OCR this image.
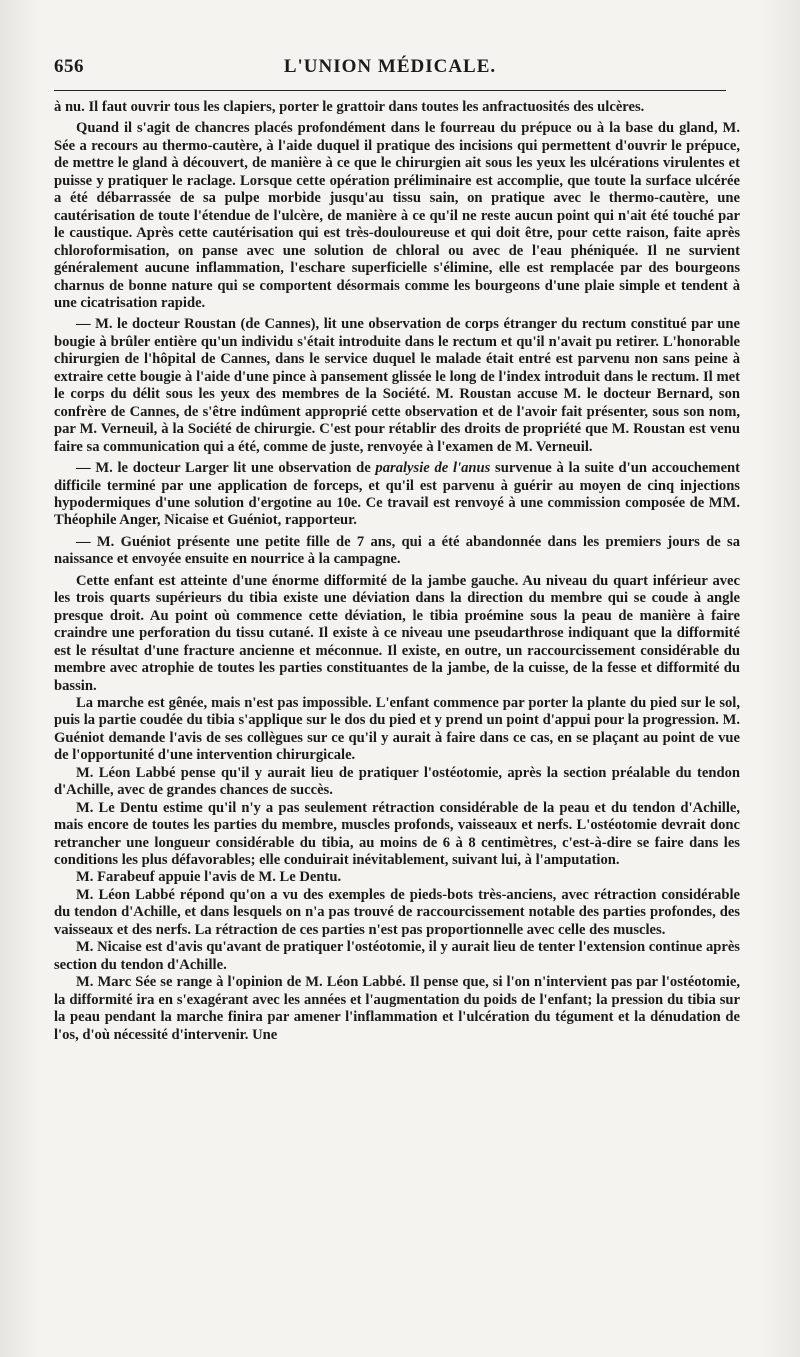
656	L'UNION MÉDICALE.

à nu. Il faut ouvrir tous les clapiers, porter le grattoir dans toutes les anfractuosités des ulcères.

Quand il s'agit de chancres placés profondément dans le fourreau du prépuce ou à la base du gland, M. Sée a recours au thermo-cautère, à l'aide duquel il pratique des incisions qui permettent d'ouvrir le prépuce, de mettre le gland à découvert, de manière à ce que le chirurgien ait sous les yeux les ulcérations virulentes et puisse y pratiquer le raclage. Lorsque cette opération préliminaire est accomplie, que toute la surface ulcérée a été débarrassée de sa pulpe morbide jusqu'au tissu sain, on pratique avec le thermo-cautère, une cautérisation de toute l'étendue de l'ulcère, de manière à ce qu'il ne reste aucun point qui n'ait été touché par le caustique. Après cette cautérisation qui est très-douloureuse et qui doit être, pour cette raison, faite après chloroformisation, on panse avec une solution de chloral ou avec de l'eau phéniquée. Il ne survient généralement aucune inflammation, l'eschare superficielle s'élimine, elle est remplacée par des bourgeons charnus de bonne nature qui se comportent désormais comme les bourgeons d'une plaie simple et tendent à une cicatrisation rapide.

— M. le docteur Roustan (de Cannes), lit une observation de corps étranger du rectum constitué par une bougie à brûler entière qu'un individu s'était introduite dans le rectum et qu'il n'avait pu retirer. L'honorable chirurgien de l'hôpital de Cannes, dans le service duquel le malade était entré est parvenu non sans peine à extraire cette bougie à l'aide d'une pince à pansement glissée le long de l'index introduit dans le rectum. Il met le corps du délit sous les yeux des membres de la Société. M. Roustan accuse M. le docteur Bernard, son confrère de Cannes, de s'être indûment approprié cette observation et de l'avoir fait présenter, sous son nom, par M. Verneuil, à la Société de chirurgie. C'est pour rétablir des droits de propriété que M. Roustan est venu faire sa communication qui a été, comme de juste, renvoyée à l'examen de M. Verneuil.

— M. le docteur Larger lit une observation de paralysie de l'anus survenue à la suite d'un accouchement difficile terminé par une application de forceps, et qu'il est parvenu à guérir au moyen de cinq injections hypodermiques d'une solution d'ergotine au 10e. Ce travail est renvoyé à une commission composée de MM. Théophile Anger, Nicaise et Guéniot, rapporteur.

— M. Guéniot présente une petite fille de 7 ans, qui a été abandonnée dans les premiers jours de sa naissance et envoyée ensuite en nourrice à la campagne.

Cette enfant est atteinte d'une énorme difformité de la jambe gauche. Au niveau du quart inférieur avec les trois quarts supérieurs du tibia existe une déviation dans la direction du membre qui se coude à angle presque droit. Au point où commence cette déviation, le tibia proémine sous la peau de manière à faire craindre une perforation du tissu cutané. Il existe à ce niveau une pseudarthrose indiquant que la difformité est le résultat d'une fracture ancienne et méconnue. Il existe, en outre, un raccourcissement considérable du membre avec atrophie de toutes les parties constituantes de la jambe, de la cuisse, de la fesse et difformité du bassin.

La marche est gênée, mais n'est pas impossible. L'enfant commence par porter la plante du pied sur le sol, puis la partie coudée du tibia s'applique sur le dos du pied et y prend un point d'appui pour la progression. M. Guéniot demande l'avis de ses collègues sur ce qu'il y aurait à faire dans ce cas, en se plaçant au point de vue de l'opportunité d'une intervention chirurgicale.

M. Léon Labbé pense qu'il y aurait lieu de pratiquer l'ostéotomie, après la section préalable du tendon d'Achille, avec de grandes chances de succès.

M. Le Dentu estime qu'il n'y a pas seulement rétraction considérable de la peau et du tendon d'Achille, mais encore de toutes les parties du membre, muscles profonds, vaisseaux et nerfs. L'ostéotomie devrait donc retrancher une longueur considérable du tibia, au moins de 6 à 8 centimètres, c'est-à-dire se faire dans les conditions les plus défavorables; elle conduirait inévitablement, suivant lui, à l'amputation.

M. Farabeuf appuie l'avis de M. Le Dentu.

M. Léon Labbé répond qu'on a vu des exemples de pieds-bots très-anciens, avec rétraction considérable du tendon d'Achille, et dans lesquels on n'a pas trouvé de raccourcissement notable des parties profondes, des vaisseaux et des nerfs. La rétraction de ces parties n'est pas proportionnelle avec celle des muscles.

M. Nicaise est d'avis qu'avant de pratiquer l'ostéotomie, il y aurait lieu de tenter l'extension continue après section du tendon d'Achille.

M. Marc Sée se range à l'opinion de M. Léon Labbé. Il pense que, si l'on n'intervient pas par l'ostéotomie, la difformité ira en s'exagérant avec les années et l'augmentation du poids de l'enfant; la pression du tibia sur la peau pendant la marche finira par amener l'inflammation et l'ulcération du tégument et la dénudation de l'os, d'où nécessité d'intervenir. Une
